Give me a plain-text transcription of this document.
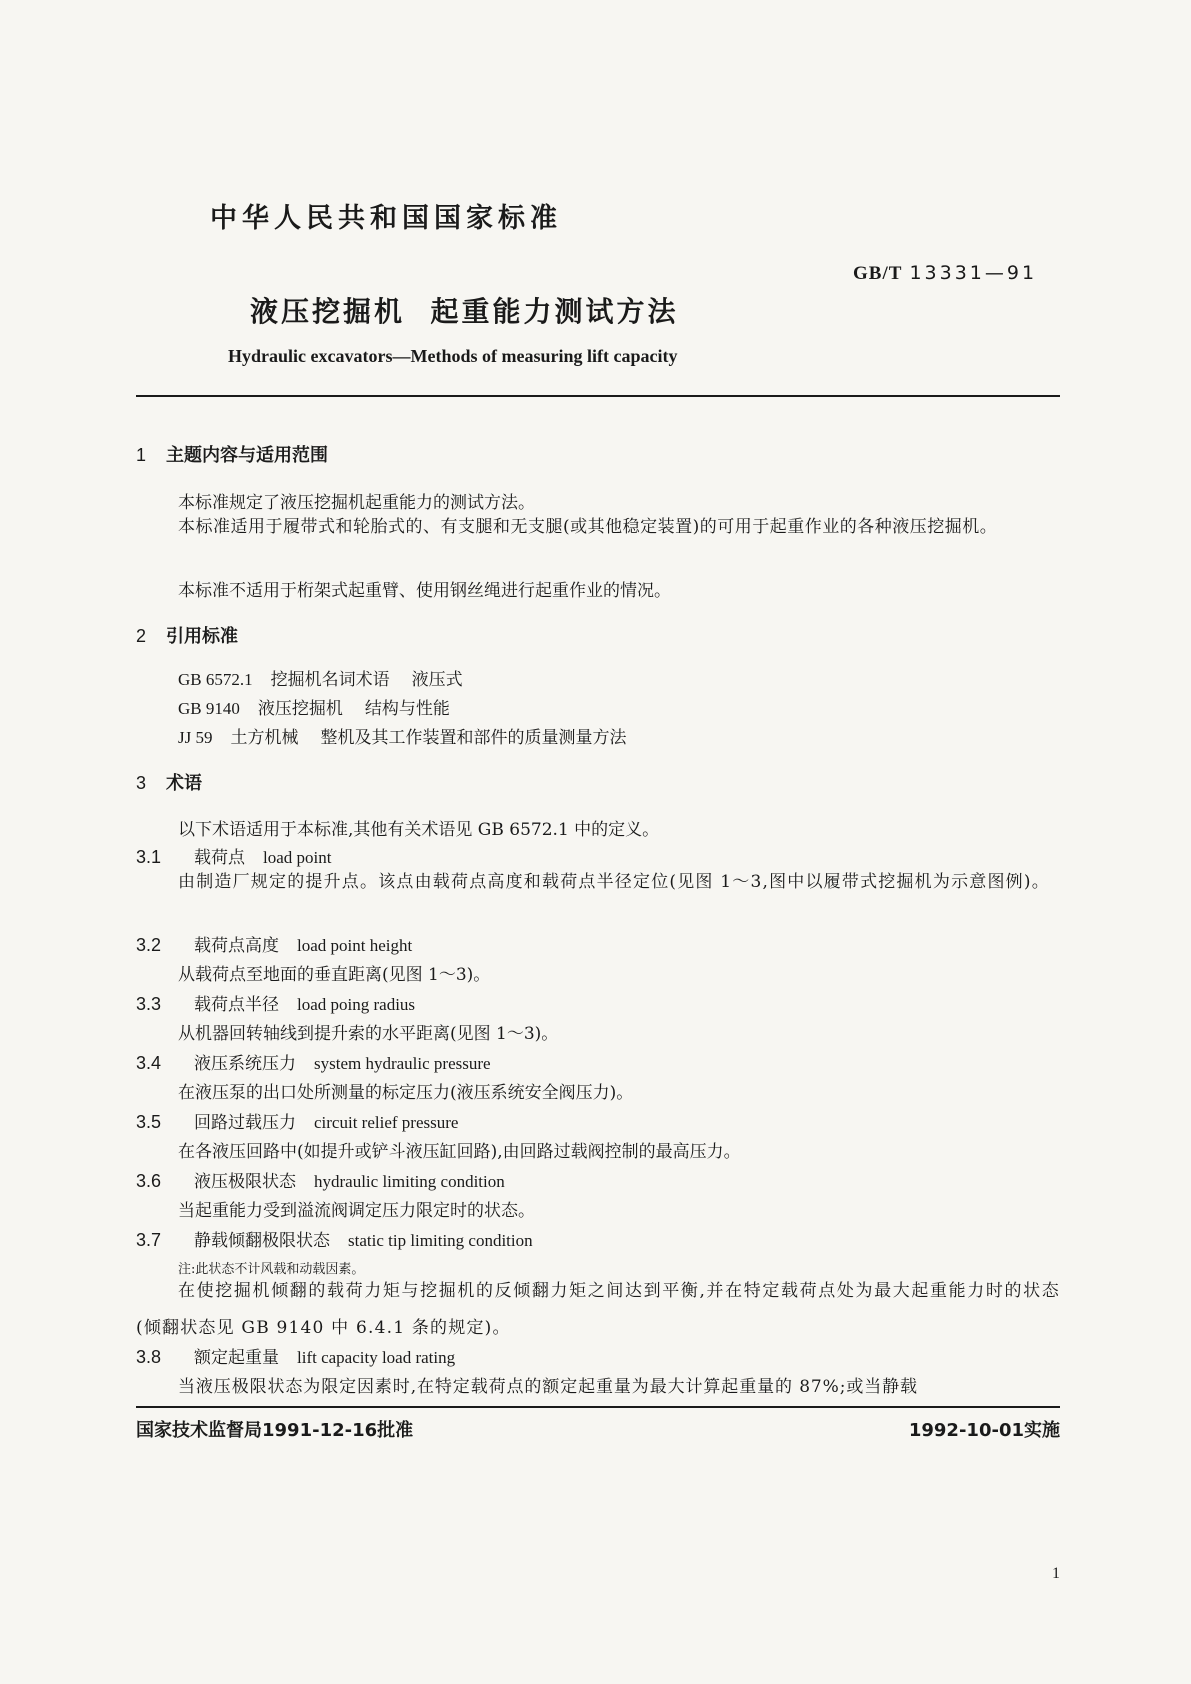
中华人民共和国国家标准
GB/T 13331—91
液压挖掘机  起重能力测试方法
Hydraulic excavators—Methods of measuring lift capacity
1 主题内容与适用范围
本标准规定了液压挖掘机起重能力的测试方法。
本标准适用于履带式和轮胎式的、有支腿和无支腿(或其他稳定装置)的可用于起重作业的各种液压挖掘机。
本标准不适用于桁架式起重臂、使用钢丝绳进行起重作业的情况。
2 引用标准
GB 6572.1 挖掘机名词术语 液压式
GB 9140 液压挖掘机 结构与性能
JJ 59 土方机械 整机及其工作装置和部件的质量测量方法
3 术语
以下术语适用于本标准,其他有关术语见 GB 6572.1 中的定义。
3.1 载荷点 load point
由制造厂规定的提升点。该点由载荷点高度和载荷点半径定位(见图 1～3,图中以履带式挖掘机为示意图例)。
3.2 载荷点高度 load point height
从载荷点至地面的垂直距离(见图 1～3)。
3.3 载荷点半径 load poing radius
从机器回转轴线到提升索的水平距离(见图 1～3)。
3.4 液压系统压力 system hydraulic pressure
在液压泵的出口处所测量的标定压力(液压系统安全阀压力)。
3.5 回路过载压力 circuit relief pressure
在各液压回路中(如提升或铲斗液压缸回路),由回路过载阀控制的最高压力。
3.6 液压极限状态 hydraulic limiting condition
当起重能力受到溢流阀调定压力限定时的状态。
3.7 静载倾翻极限状态 static tip limiting condition
注:此状态不计风载和动载因素。
在使挖掘机倾翻的载荷力矩与挖掘机的反倾翻力矩之间达到平衡,并在特定载荷点处为最大起重能力时的状态(倾翻状态见 GB 9140 中 6.4.1 条的规定)。
3.8 额定起重量 lift capacity load rating
当液压极限状态为限定因素时,在特定载荷点的额定起重量为最大计算起重量的 87%;或当静载
国家技术监督局1991-12-16批准	1992-10-01实施
1
